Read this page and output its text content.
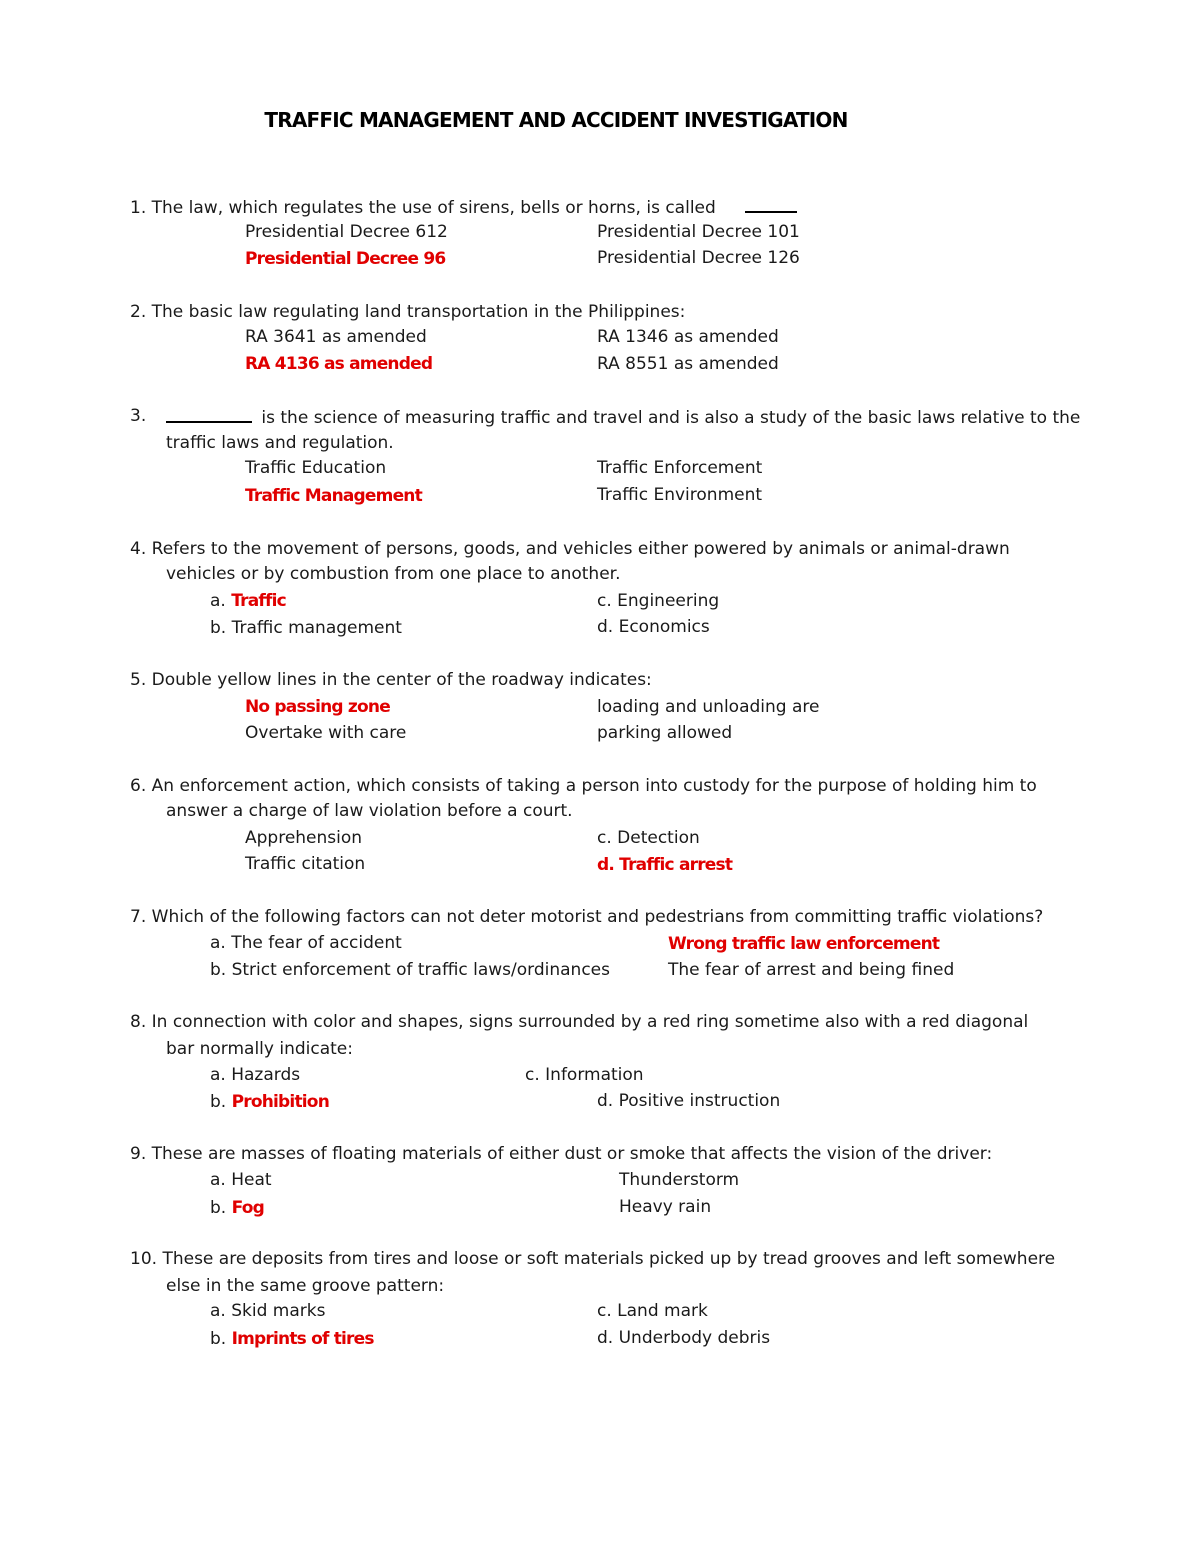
TRAFFIC MANAGEMENT AND ACCIDENT INVESTIGATION
1. The law, which regulates the use of sirens, bells or horns, is called
Presidential Decree 612	Presidential Decree 101
Presidential Decree 96	Presidential Decree 126
2. The basic law regulating land transportation in the Philippines:
RA 3641 as amended	RA 1346 as amended
RA 4136 as amended	RA 8551 as amended
3.	is the science of measuring traffic and travel and is also a study of the basic laws relative to the
traffic laws and regulation.
Traffic Education	Traffic Enforcement
Traffic Management	Traffic Environment
4. Refers to the movement of persons, goods, and vehicles either powered by animals or animal-drawn
vehicles or by combustion from one place to another.
a. Traffic	c. Engineering
b. Traffic management	d. Economics
5. Double yellow lines in the center of the roadway indicates:
No passing zone	loading and unloading are
Overtake with care	parking allowed
6. An enforcement action, which consists of taking a person into custody for the purpose of holding him to
answer a charge of law violation before a court.
Apprehension	c. Detection
Traffic citation	d. Traffic arrest
7. Which of the following factors can not deter motorist and pedestrians from committing traffic violations?
a. The fear of accident	Wrong traffic law enforcement
b. Strict enforcement of traffic laws/ordinances	The fear of arrest and being fined
8. In connection with color and shapes, signs surrounded by a red ring sometime also with a red diagonal
bar normally indicate:
a. Hazards	c. Information
b. Prohibition	d. Positive instruction
9. These are masses of floating materials of either dust or smoke that affects the vision of the driver:
a. Heat	Thunderstorm
b. Fog	Heavy rain
10. These are deposits from tires and loose or soft materials picked up by tread grooves and left somewhere
else in the same groove pattern:
a. Skid marks	c. Land mark
b. Imprints of tires	d. Underbody debris
